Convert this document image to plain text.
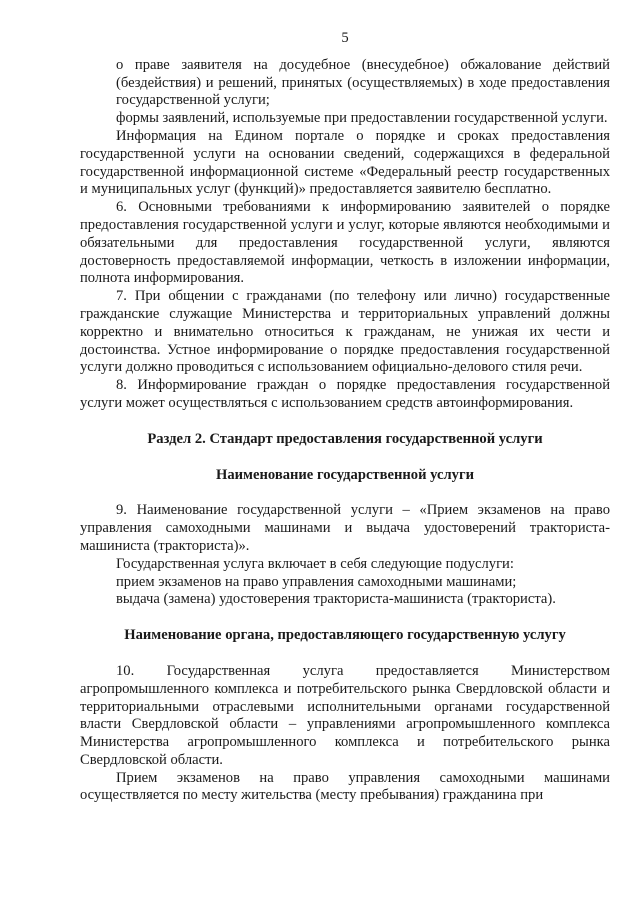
5

о праве заявителя на досудебное (внесудебное) обжалование действий (бездействия) и решений, принятых (осуществляемых) в ходе предоставления государственной услуги;

формы заявлений, используемые при предоставлении государственной услуги.

Информация на Едином портале о порядке и сроках предоставления государственной услуги на основании сведений, содержащихся в федеральной государственной информационной системе «Федеральный реестр государственных и муниципальных услуг (функций)» предоставляется заявителю бесплатно.

6. Основными требованиями к информированию заявителей о порядке предоставления государственной услуги и услуг, которые являются необходимыми и обязательными для предоставления государственной услуги, являются достоверность предоставляемой информации, четкость в изложении информации, полнота информирования.

7. При общении с гражданами (по телефону или лично) государственные гражданские служащие Министерства и территориальных управлений должны корректно и внимательно относиться к гражданам, не унижая их чести и достоинства. Устное информирование о порядке предоставления государственной услуги должно проводиться с использованием официально-делового стиля речи.

8. Информирование граждан о порядке предоставления государственной услуги может осуществляться с использованием средств автоинформирования.

Раздел 2. Стандарт предоставления государственной услуги
Наименование государственной услуги

9. Наименование государственной услуги – «Прием экзаменов на право управления самоходными машинами и выдача удостоверений тракториста-машиниста (тракториста)».

Государственная услуга включает в себя следующие подуслуги:

прием экзаменов на право управления самоходными машинами;

выдача (замена) удостоверения тракториста-машиниста (тракториста).

Наименование органа, предоставляющего государственную услугу

10. Государственная услуга предоставляется Министерством агропромышленного комплекса и потребительского рынка Свердловской области и территориальными отраслевыми исполнительными органами государственной власти Свердловской области – управлениями агропромышленного комплекса Министерства агропромышленного комплекса и потребительского рынка Свердловской области.

Прием экзаменов на право управления самоходными машинами осуществляется по месту жительства (месту пребывания) гражданина при
